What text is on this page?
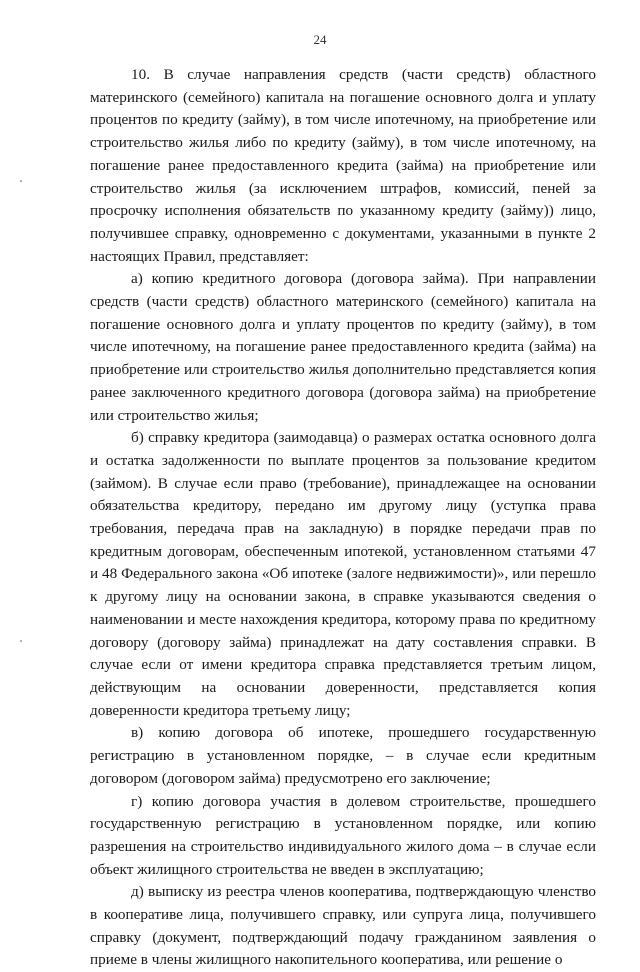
24

10. В случае направления средств (части средств) областного материнского (семейного) капитала на погашение основного долга и уплату процентов по кредиту (займу), в том числе ипотечному, на приобретение или строительство жилья либо по кредиту (займу), в том числе ипотечному, на погашение ранее предоставленного кредита (займа) на приобретение или строительство жилья (за исключением штрафов, комиссий, пеней за просрочку исполнения обязательств по указанному кредиту (займу)) лицо, получившее справку, одновременно с документами, указанными в пункте 2 настоящих Правил, представляет:

а) копию кредитного договора (договора займа). При направлении средств (части средств) областного материнского (семейного) капитала на погашение основного долга и уплату процентов по кредиту (займу), в том числе ипотечному, на погашение ранее предоставленного кредита (займа) на приобретение или строительство жилья дополнительно представляется копия ранее заключенного кредитного договора (договора займа) на приобретение или строительство жилья;

б) справку кредитора (заимодавца) о размерах остатка основного долга и остатка задолженности по выплате процентов за пользование кредитом (займом). В случае если право (требование), принадлежащее на основании обязательства кредитору, передано им другому лицу (уступка права требования, передача прав на закладную) в порядке передачи прав по кредитным договорам, обеспеченным ипотекой, установленном статьями 47 и 48 Федерального закона «Об ипотеке (залоге недвижимости)», или перешло к другому лицу на основании закона, в справке указываются сведения о наименовании и месте нахождения кредитора, которому права по кредитному договору (договору займа) принадлежат на дату составления справки. В случае если от имени кредитора справка представляется третьим лицом, действующим на основании доверенности, представляется копия доверенности кредитора третьему лицу;

в) копию договора об ипотеке, прошедшего государственную регистрацию в установленном порядке, – в случае если кредитным договором (договором займа) предусмотрено его заключение;

г) копию договора участия в долевом строительстве, прошедшего государственную регистрацию в установленном порядке, или копию разрешения на строительство индивидуального жилого дома – в случае если объект жилищного строительства не введен в эксплуатацию;

д) выписку из реестра членов кооператива, подтверждающую членство в кооперативе лица, получившего справку, или супруга лица, получившего справку (документ, подтверждающий подачу гражданином заявления о приеме в члены жилищного накопительного кооператива, или решение о
